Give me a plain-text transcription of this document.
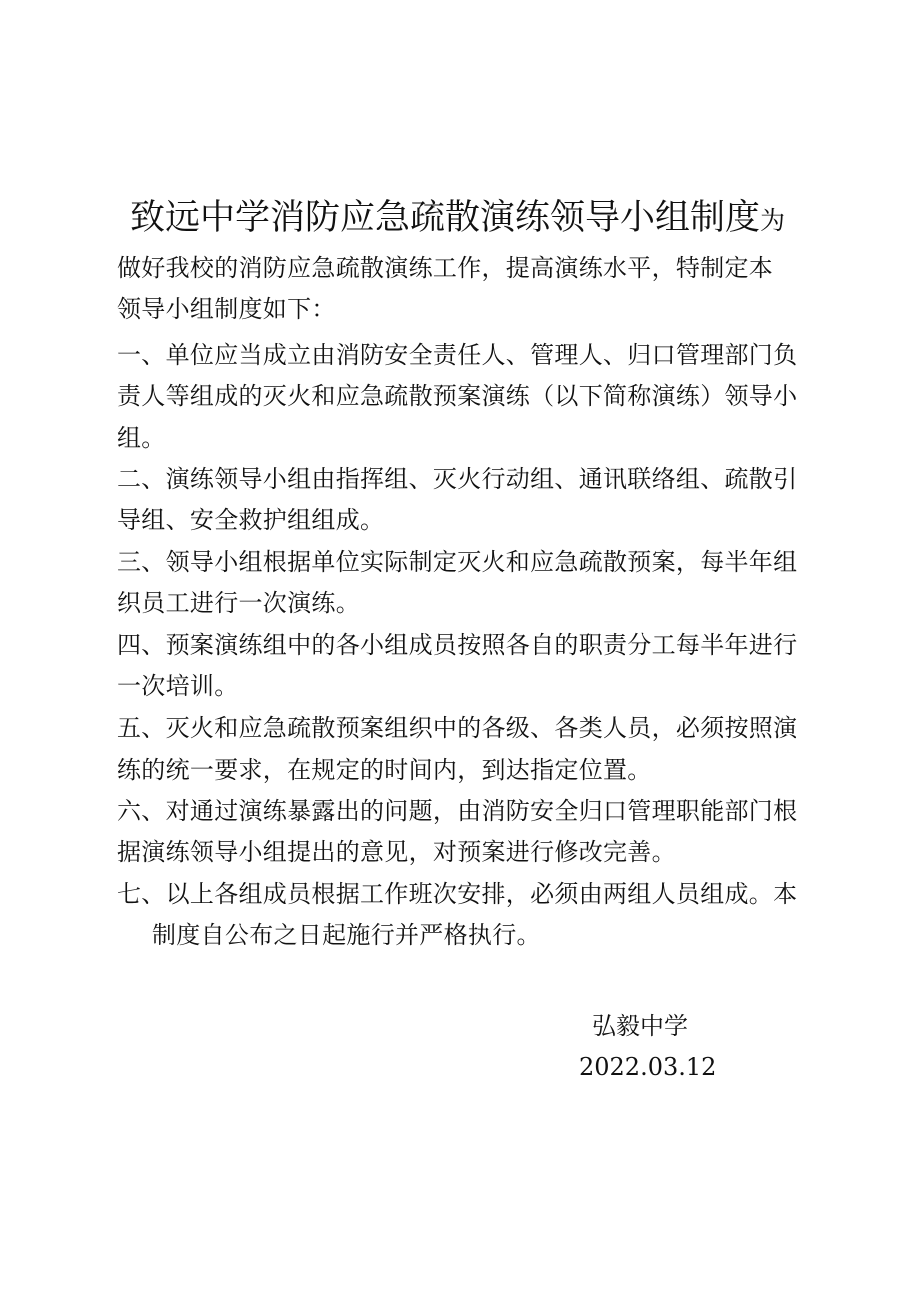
致远中学消防应急疏散演练领导小组制度为
做好我校的消防应急疏散演练工作，提高演练水平，特制定本
领导小组制度如下：
一、单位应当成立由消防安全责任人、管理人、归口管理部门负
责人等组成的灭火和应急疏散预案演练（以下简称演练）领导小
组。
二、演练领导小组由指挥组、灭火行动组、通讯联络组、疏散引
导组、安全救护组组成。
三、领导小组根据单位实际制定灭火和应急疏散预案，每半年组
织员工进行一次演练。
四、预案演练组中的各小组成员按照各自的职责分工每半年进行
一次培训。
五、灭火和应急疏散预案组织中的各级、各类人员，必须按照演
练的统一要求，在规定的时间内，到达指定位置。
六、对通过演练暴露出的问题，由消防安全归口管理职能部门根
据演练领导小组提出的意见，对预案进行修改完善。
七、以上各组成员根据工作班次安排，必须由两组人员组成。本
制度自公布之日起施行并严格执行。
弘毅中学
2022.03.12
